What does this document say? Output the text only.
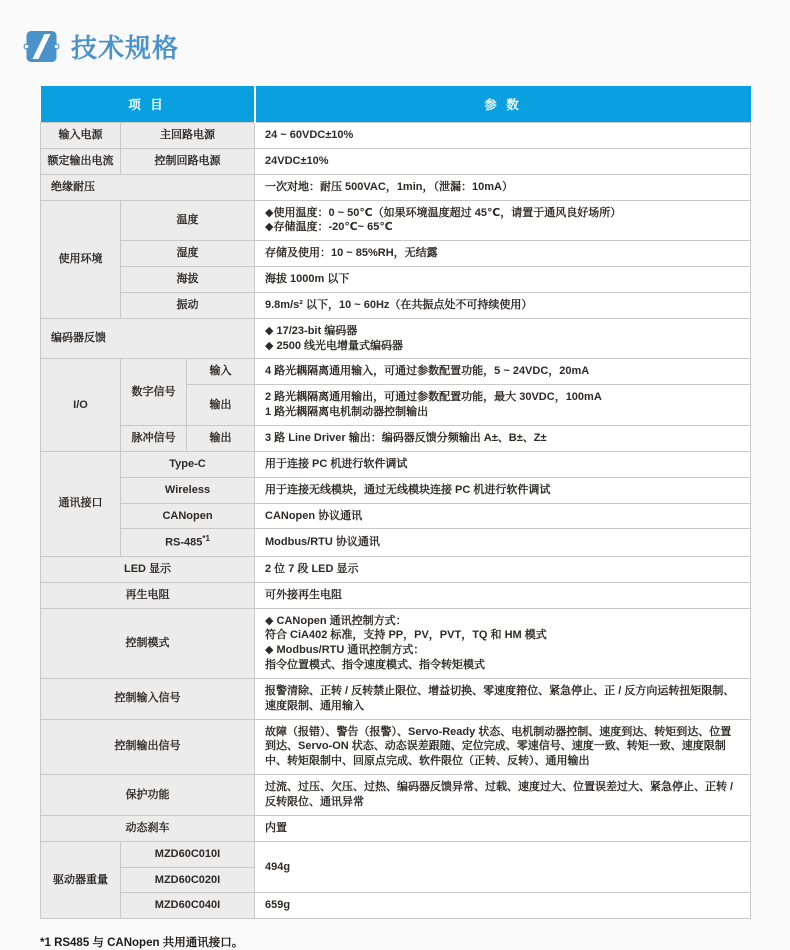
技术规格
项 目			参 数
输入电源	主回路电源		24 ~ 60VDC±10%
额定输出电流	控制回路电源		24VDC±10%
绝缘耐压			一次对地：耐压 500VAC，1min，（泄漏：10mA）
使用环境	温度		◆使用温度：0 ~ 50℃（如果环境温度超过 45℃，请置于通风良好场所）
◆存储温度：-20℃~ 65℃

	湿度		存储及使用：10 ~ 85%RH，无结露
	海拔		海拔 1000m 以下
	振动		9.8m/s² 以下，10 ~ 60Hz（在共振点处不可持续使用）
编码器反馈			◆ 17/23-bit 编码器
◆ 2500 线光电增量式编码器

I/O	数字信号	输入	4 路光耦隔离通用输入，可通过参数配置功能，5 ~ 24VDC，20mA
		输出	2 路光耦隔离通用输出，可通过参数配置功能，最大 30VDC，100mA
1 路光耦隔离电机制动器控制输出

	脉冲信号	输出	3 路 Line Driver 输出：编码器反馈分频输出 A±、B±、Z±
通讯接口	Type-C		用于连接 PC 机进行软件调试
	Wireless		用于连接无线模块，通过无线模块连接 PC 机进行软件调试
	CANopen		CANopen 协议通讯
	RS-485$^{*1}$		Modbus/RTU 协议通讯
LED 显示			2 位 7 段 LED 显示
再生电阻			可外接再生电阻
控制模式			◆ CANopen 通讯控制方式：
符合 CiA402 标准，支持 PP，PV，PVT，TQ 和 HM 模式
◆ Modbus/RTU 通讯控制方式：
指令位置模式、指令速度模式、指令转矩模式

控制输入信号			报警清除、正转 / 反转禁止限位、增益切换、零速度箝位、紧急停止、正 / 反方向运转扭矩限制、速度限制、通用输入
控制输出信号			故障（报错）、警告（报警）、Servo-Ready 状态、电机制动器控制、速度到达、转矩到达、位置到达、Servo-ON 状态、动态误差跟随、定位完成、零速信号、速度一致、转矩一致、速度限制中、转矩限制中、回原点完成、软件限位（正转、反转）、通用输出
保护功能			过流、过压、欠压、过热、编码器反馈异常、过载、速度过大、位置误差过大、紧急停止、正转 / 反转限位、通讯异常
动态刹车			内置
驱动器重量	MZD60C010I		494g
	MZD60C020I		
	MZD60C040I		659g
*1 RS485 与 CANopen 共用通讯接口。
